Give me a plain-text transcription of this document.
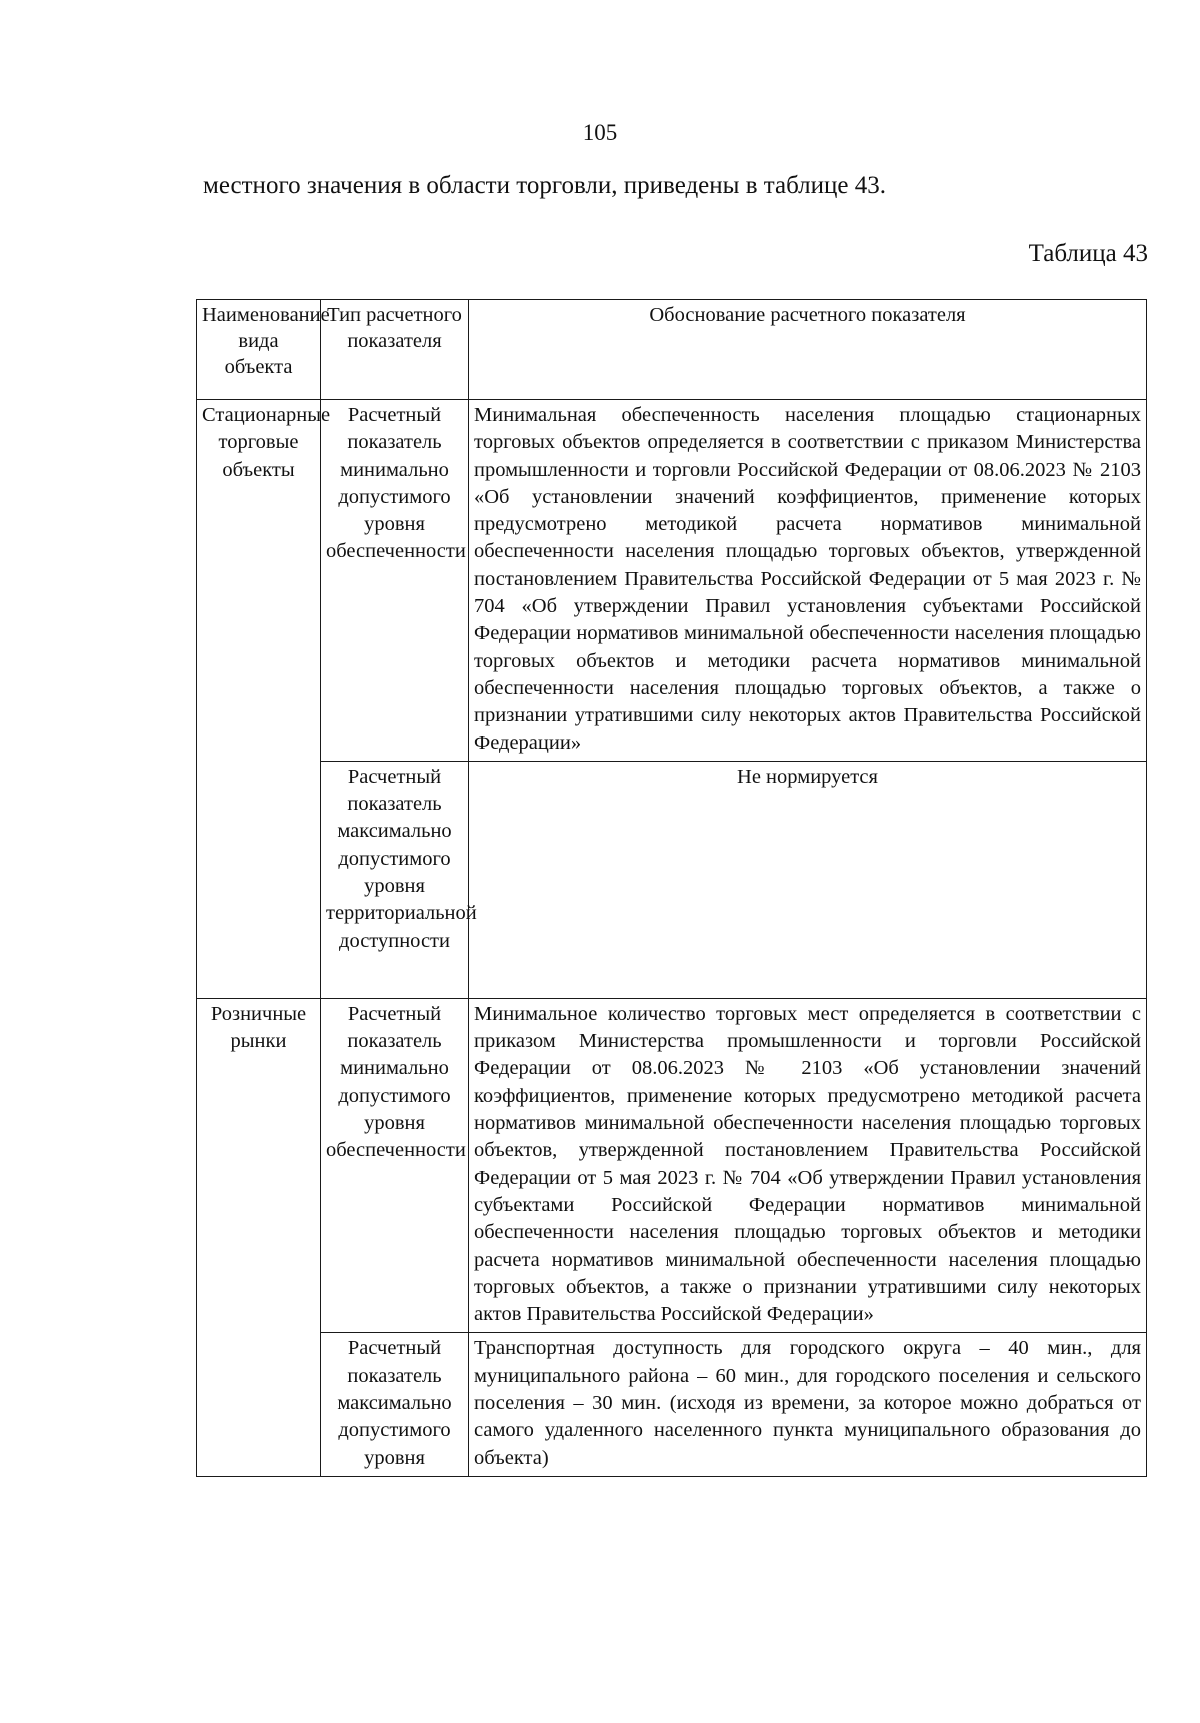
105
местного значения в области торговли, приведены в таблице 43.
Таблица 43
Наименование вида объекта	Тип расчетного показателя	Обоснование расчетного показателя
Стационарные торговые объекты	Расчетный показатель минимально допустимого уровня обеспеченности	Минимальная обеспеченность населения площадью стационарных торговых объектов определяется в соответствии с приказом Министерства промышленности и торговли Российской Федерации от 08.06.2023 № 2103 «Об установлении значений коэффициентов, применение которых предусмотрено методикой расчета нормативов минимальной обеспеченности населения площадью торговых объектов, утвержденной постановлением Правительства Российской Федерации от 5 мая 2023 г. № 704 «Об утверждении Правил установления субъектами Российской Федерации нормативов минимальной обеспеченности населения площадью торговых объектов и методики расчета нормативов минимальной обеспеченности населения площадью торговых объектов, а также о признании утратившими силу некоторых актов Правительства Российской Федерации»
	Расчетный показатель максимально допустимого уровня территориальной доступности	Не нормируется
Розничные рынки	Расчетный показатель минимально допустимого уровня обеспеченности	Минимальное количество торговых мест определяется в соответствии с приказом Министерства промышленности и торговли Российской Федерации от 08.06.2023 № 2103 «Об установлении значений коэффициентов, применение которых предусмотрено методикой расчета нормативов минимальной обеспеченности населения площадью торговых объектов, утвержденной постановлением Правительства Российской Федерации от 5 мая 2023 г. № 704 «Об утверждении Правил установления субъектами Российской Федерации нормативов минимальной обеспеченности населения площадью торговых объектов и методики расчета нормативов минимальной обеспеченности населения площадью торговых объектов, а также о признании утратившими силу некоторых актов Правительства Российской Федерации»
	Расчетный показатель максимально допустимого уровня	Транспортная доступность для городского округа – 40 мин., для муниципального района – 60 мин., для городского поселения и сельского поселения – 30 мин. (исходя из времени, за которое можно добраться от самого удаленного населенного пункта муниципального образования до объекта)
